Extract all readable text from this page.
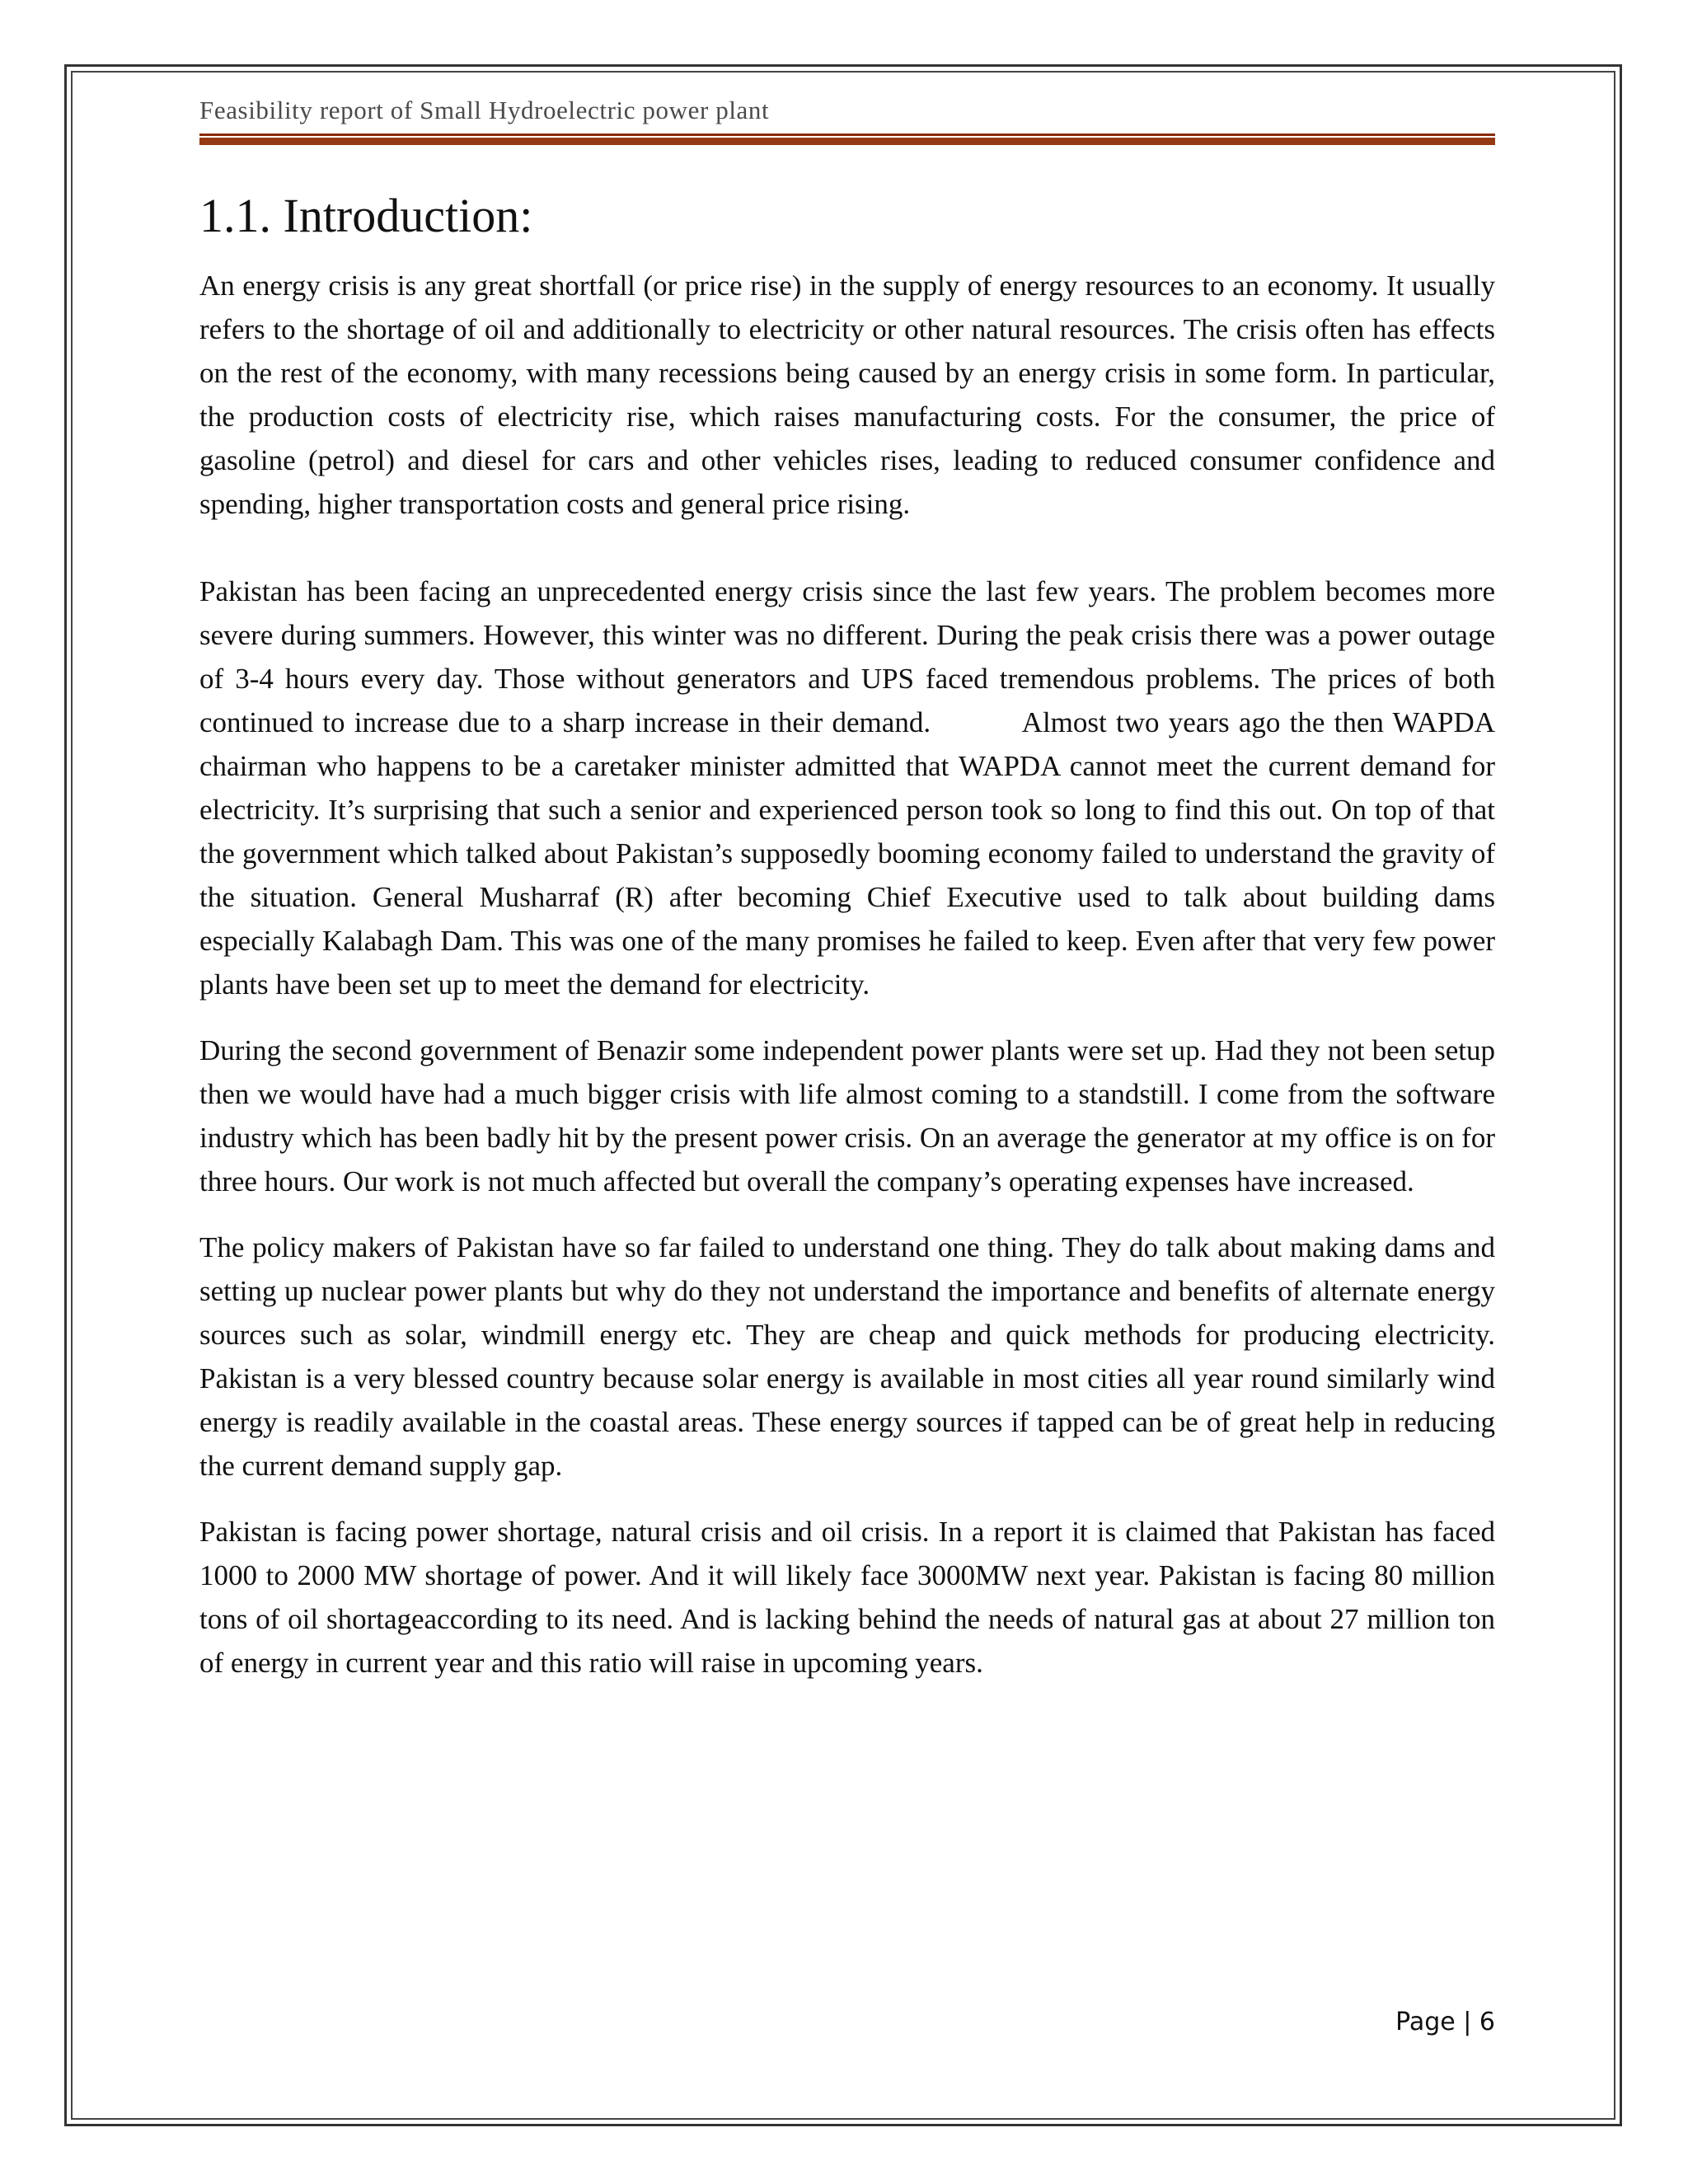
Feasibility report of Small Hydroelectric power plant
1.1. Introduction:

An energy crisis is any great shortfall (or price rise) in the supply of energy resources to an economy. It usually refers to the shortage of oil and additionally to electricity or other natural resources. The crisis often has effects on the rest of the economy, with many recessions being caused by an energy crisis in some form. In particular, the production costs of electricity rise, which raises manufacturing costs. For the consumer, the price of gasoline (petrol) and diesel for cars and other vehicles rises, leading to reduced consumer confidence and spending, higher transportation costs and general price rising.

Pakistan has been facing an unprecedented energy crisis since the last few years. The problem becomes more severe during summers. However, this winter was no different. During the peak crisis there was a power outage of 3-4 hours every day. Those without generators and UPS faced tremendous problems. The prices of both continued to increase due to a sharp increase in their demand.          Almost two years ago the then WAPDA chairman who happens to be a caretaker minister admitted that WAPDA cannot meet the current demand for electricity. It’s surprising that such a senior and experienced person took so long to find this out. On top of that the government which talked about Pakistan’s supposedly booming economy failed to understand the gravity of the situation. General Musharraf (R) after becoming Chief Executive used to talk about building dams especially Kalabagh Dam. This was one of the many promises he failed to keep. Even after that very few power plants have been set up to meet the demand for electricity.

During the second government of Benazir some independent power plants were set up. Had they not been setup then we would have had a much bigger crisis with life almost coming to a standstill. I come from the software industry which has been badly hit by the present power crisis. On an average the generator at my office is on for three hours. Our work is not much affected but overall the company’s operating expenses have increased.

The policy makers of Pakistan have so far failed to understand one thing. They do talk about making dams and setting up nuclear power plants but why do they not understand the importance and benefits of alternate energy sources such as solar, windmill energy etc. They are cheap and quick methods for producing electricity. Pakistan is a very blessed country because solar energy is available in most cities all year round similarly wind energy is readily available in the coastal areas. These energy sources if tapped can be of great help in reducing the current demand supply gap.

Pakistan is facing power shortage, natural crisis and oil crisis. In a report it is claimed that Pakistan has faced 1000 to 2000 MW shortage of power. And it will likely face 3000MW next year. Pakistan is facing 80 million tons of oil shortageaccording to its need. And is lacking behind the needs of natural gas at about 27 million ton of energy in current year and this ratio will raise in upcoming years.

Page | 6
